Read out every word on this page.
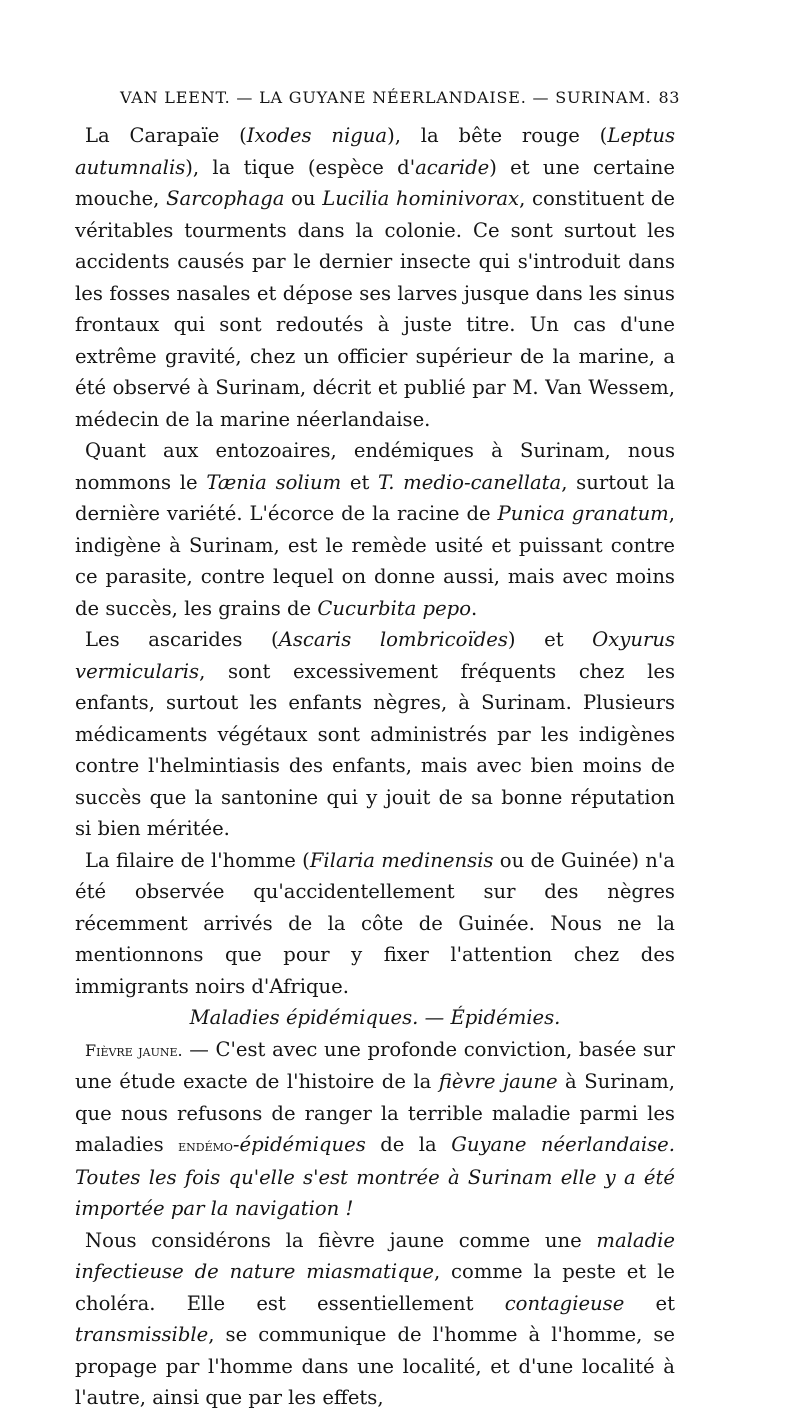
VAN LEENT. — LA GUYANE NÉERLANDAISE. — SURINAM. 83

La Carapaïe (Ixodes nigua), la bête rouge (Leptus autumnalis), la tique (espèce d'acaride) et une certaine mouche, Sarcophaga ou Lucilia hominivorax, constituent de véritables tourments dans la colonie. Ce sont surtout les accidents causés par le dernier insecte qui s'introduit dans les fosses nasales et dépose ses larves jusque dans les sinus frontaux qui sont redoutés à juste titre. Un cas d'une extrême gravité, chez un officier supérieur de la marine, a été observé à Surinam, décrit et publié par M. Van Wessem, médecin de la marine néerlandaise.

Quant aux entozoaires, endémiques à Surinam, nous nommons le Tænia solium et T. medio-canellata, surtout la dernière variété. L'écorce de la racine de Punica granatum, indigène à Surinam, est le remède usité et puissant contre ce parasite, contre lequel on donne aussi, mais avec moins de succès, les grains de Cucurbita pepo.

Les ascarides (Ascaris lombricoïdes) et Oxyurus vermicularis, sont excessivement fréquents chez les enfants, surtout les enfants nègres, à Surinam. Plusieurs médicaments végétaux sont administrés par les indigènes contre l'helmintiasis des enfants, mais avec bien moins de succès que la santonine qui y jouit de sa bonne réputation si bien méritée.

La filaire de l'homme (Filaria medinensis ou de Guinée) n'a été observée qu'accidentellement sur des nègres récemment arrivés de la côte de Guinée. Nous ne la mentionnons que pour y fixer l'attention chez des immigrants noirs d'Afrique.

Maladies épidémiques. — Épidémies.

Fièvre jaune. — C'est avec une profonde conviction, basée sur une étude exacte de l'histoire de la fièvre jaune à Surinam, que nous refusons de ranger la terrible maladie parmi les maladies endémo-épidémiques de la Guyane néerlandaise. Toutes les fois qu'elle s'est montrée à Surinam elle y a été importée par la navigation !

Nous considérons la fièvre jaune comme une maladie infectieuse de nature miasmatique, comme la peste et le choléra. Elle est essentiellement contagieuse et transmissible, se communique de l'homme à l'homme, se propage par l'homme dans une localité, et d'une localité à l'autre, ainsi que par les effets,
